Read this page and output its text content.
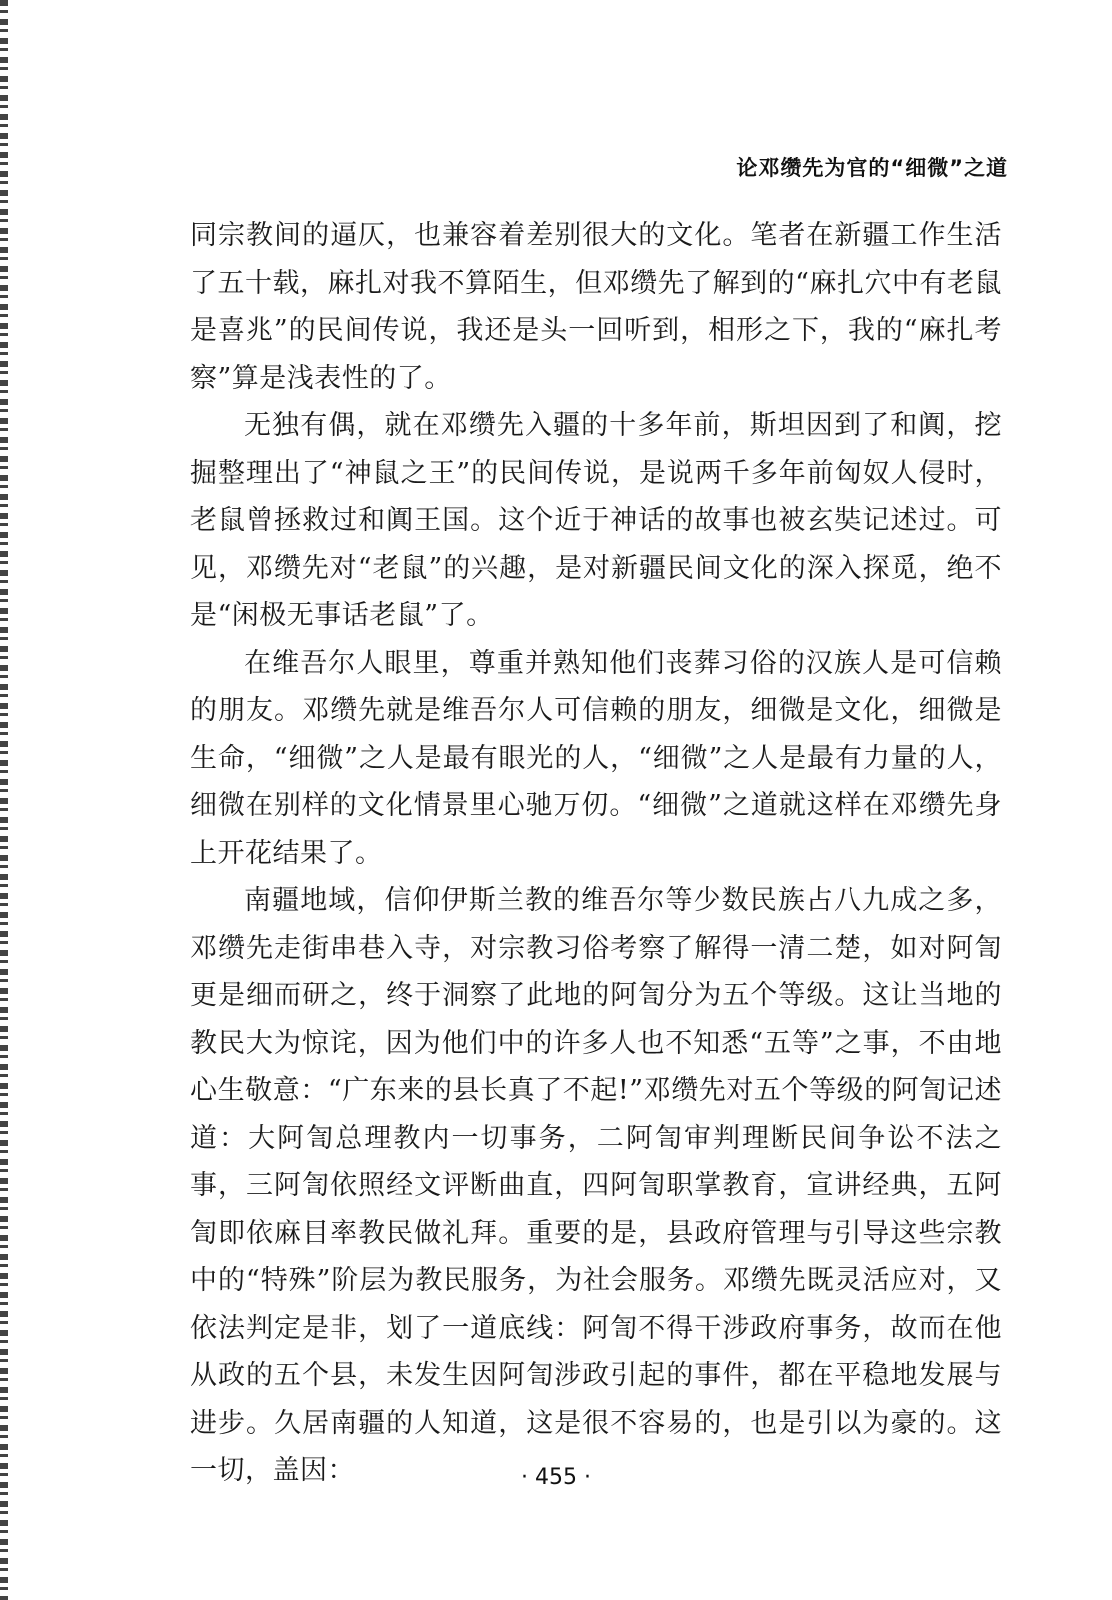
论邓缵先为官的“细微”之道

同宗教间的逼仄，也兼容着差别很大的文化。笔者在新疆工作生活了五十载，麻扎对我不算陌生，但邓缵先了解到的“麻扎穴中有老鼠是喜兆”的民间传说，我还是头一回听到，相形之下，我的“麻扎考察”算是浅表性的了。

无独有偶，就在邓缵先入疆的十多年前，斯坦因到了和阗，挖掘整理出了“神鼠之王”的民间传说，是说两千多年前匈奴人侵时，老鼠曾拯救过和阗王国。这个近于神话的故事也被玄奘记述过。可见，邓缵先对“老鼠”的兴趣，是对新疆民间文化的深入探觅，绝不是“闲极无事话老鼠”了。

在维吾尔人眼里，尊重并熟知他们丧葬习俗的汉族人是可信赖的朋友。邓缵先就是维吾尔人可信赖的朋友，细微是文化，细微是生命，“细微”之人是最有眼光的人，“细微”之人是最有力量的人，细微在别样的文化情景里心驰万仞。“细微”之道就这样在邓缵先身上开花结果了。

南疆地域，信仰伊斯兰教的维吾尔等少数民族占八九成之多，邓缵先走街串巷入寺，对宗教习俗考察了解得一清二楚，如对阿訇更是细而研之，终于洞察了此地的阿訇分为五个等级。这让当地的教民大为惊诧，因为他们中的许多人也不知悉“五等”之事，不由地心生敬意：“广东来的县长真了不起!”邓缵先对五个等级的阿訇记述道：大阿訇总理教内一切事务，二阿訇审判理断民间争讼不法之事，三阿訇依照经文评断曲直，四阿訇职掌教育，宣讲经典，五阿訇即依麻目率教民做礼拜。重要的是，县政府管理与引导这些宗教中的“特殊”阶层为教民服务，为社会服务。邓缵先既灵活应对，又依法判定是非，划了一道底线：阿訇不得干涉政府事务，故而在他从政的五个县，未发生因阿訇涉政引起的事件，都在平稳地发展与进步。久居南疆的人知道，这是很不容易的，也是引以为豪的。这一切，盖因：	· 455 ·
